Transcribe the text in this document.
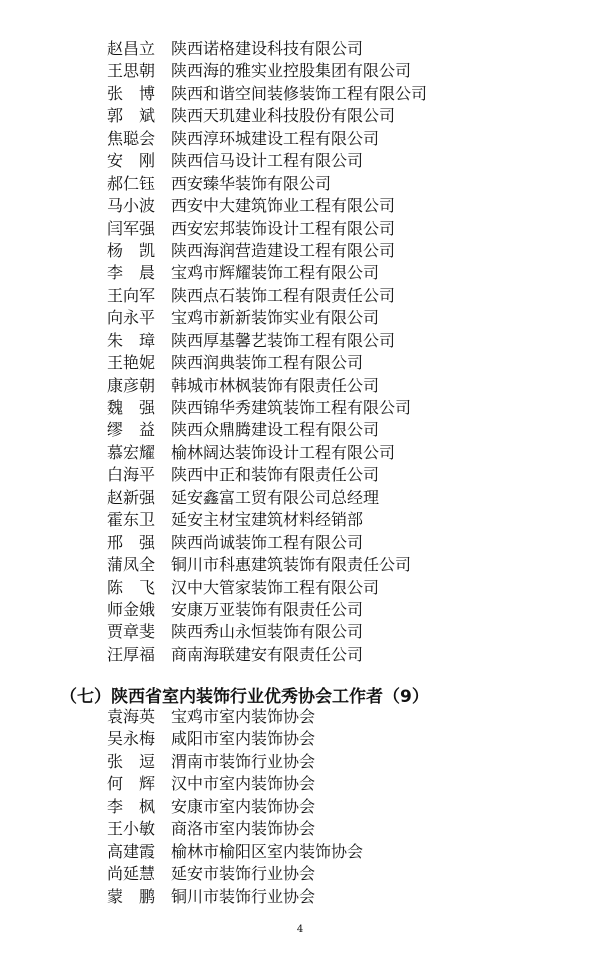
赵昌立 陕西诺格建设科技有限公司
王思朝 陕西海的雅实业控股集团有限公司
张　博 陕西和谐空间装修装饰工程有限公司
郭　斌 陕西天玑建业科技股份有限公司
焦聪会 陕西淳环城建设工程有限公司
安　刚 陕西信马设计工程有限公司
郝仁钰 西安臻华装饰有限公司
马小波 西安中大建筑饰业工程有限公司
闫军强 西安宏邦装饰设计工程有限公司
杨　凯 陕西海润营造建设工程有限公司
李　晨 宝鸡市辉耀装饰工程有限公司
王向军 陕西点石装饰工程有限责任公司
向永平 宝鸡市新新装饰实业有限公司
朱　璋 陕西厚基馨艺装饰工程有限公司
王艳妮 陕西润典装饰工程有限公司
康彦朝 韩城市林枫装饰有限责任公司
魏　强 陕西锦华秀建筑装饰工程有限公司
缪　益 陕西众鼎腾建设工程有限公司
慕宏耀 榆林阔达装饰设计工程有限公司
白海平 陕西中正和装饰有限责任公司
赵新强 延安鑫富工贸有限公司总经理
霍东卫 延安主材宝建筑材料经销部
邢　强 陕西尚诚装饰工程有限公司
蒲凤全 铜川市科惠建筑装饰有限责任公司
陈　飞 汉中大管家装饰工程有限公司
师金娥 安康万亚装饰有限责任公司
贾章斐 陕西秀山永恒装饰有限公司
汪厚福 商南海联建安有限责任公司
（七）陕西省室内装饰行业优秀协会工作者（9）
袁海英 宝鸡市室内装饰协会
吴永梅 咸阳市室内装饰协会
张　逗 渭南市装饰行业协会
何　辉 汉中市室内装饰协会
李　枫 安康市室内装饰协会
王小敏 商洛市室内装饰协会
高建霞 榆林市榆阳区室内装饰协会
尚延慧 延安市装饰行业协会
蒙　鹏 铜川市装饰行业协会
4
